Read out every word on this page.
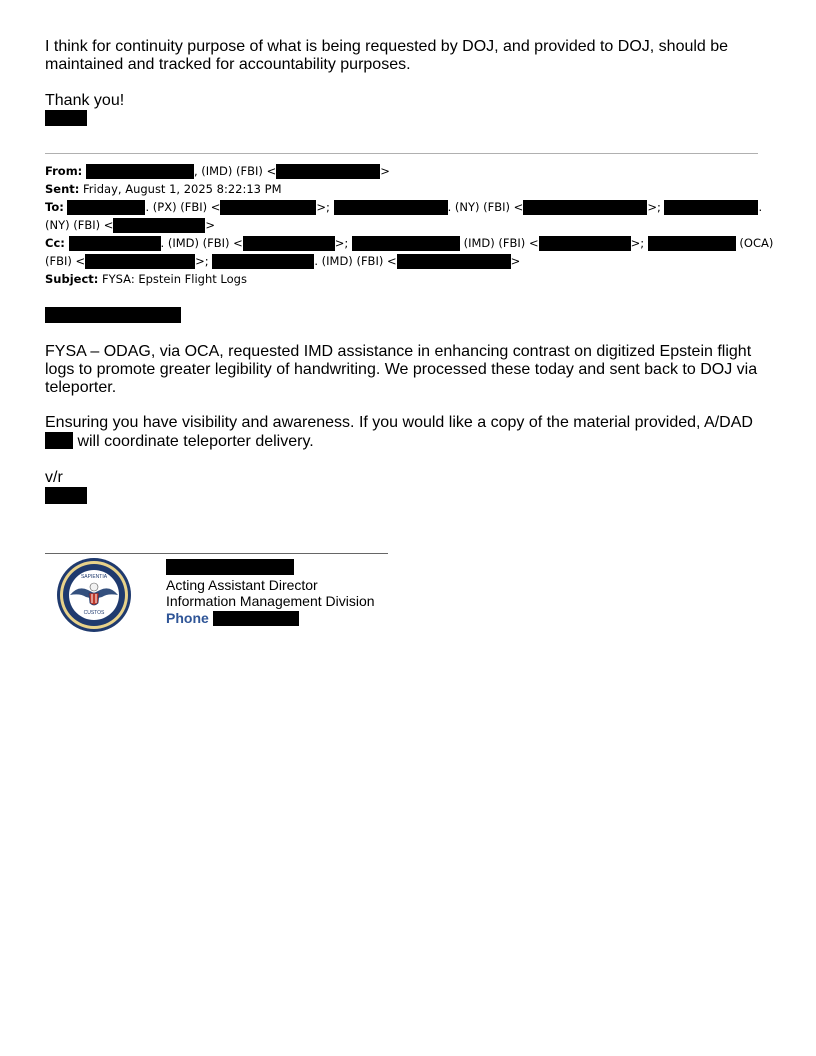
I think for continuity purpose of what is being requested by DOJ, and provided to DOJ, should be maintained and tracked for accountability purposes.
Thank you!
From:	, (IMD) (FBI) <	>
Sent: Friday, August 1, 2025 8:22:13 PM
To:	. (PX) (FBI) <	>;	. (NY) (FBI) <	>;	.
(NY) (FBI) <	>
Cc:	. (IMD) (FBI) <	>;	(IMD) (FBI) <	>;	(OCA)
(FBI) <	>;	. (IMD) (FBI) <	>
Subject: FYSA: Epstein Flight Logs
FYSA – ODAG, via OCA, requested IMD assistance in enhancing contrast on digitized Epstein flight logs to promote greater legibility of handwriting. We processed these today and sent back to DOJ via teleporter.
Ensuring you have visibility and awareness. If you would like a copy of the material provided, A/DAD
will coordinate teleporter delivery.
v/r
SAPIENTIA
CUSTOS
Acting Assistant Director
Information Management Division
Phone
